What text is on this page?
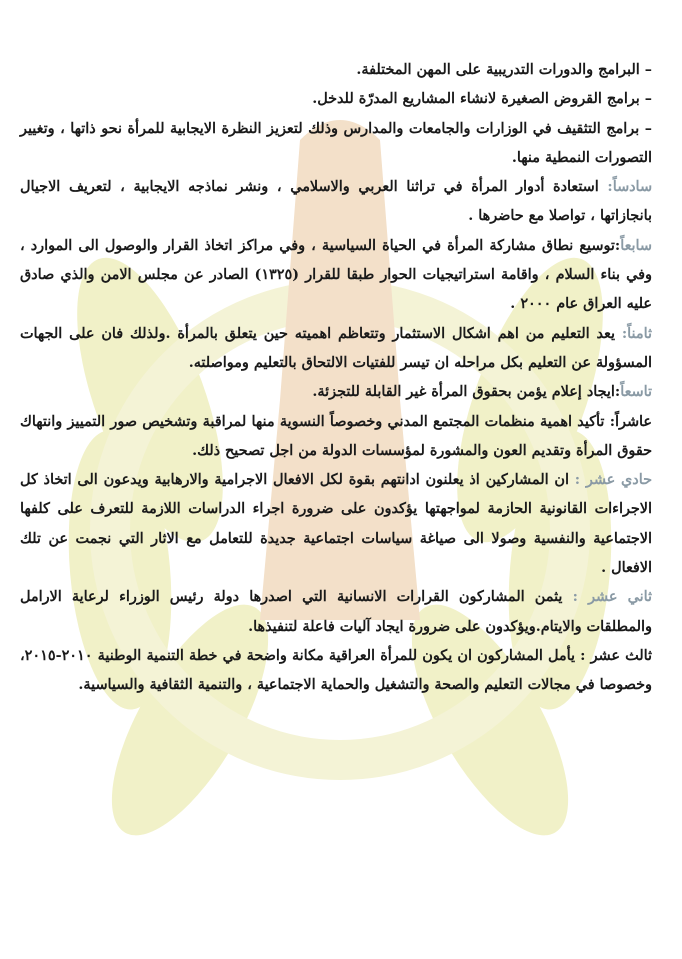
– البرامج والدورات التدريبية على المهن المختلفة.

– برامج القروض الصغيرة لانشاء المشاريع المدرّة للدخل.

– برامج التثقيف في الوزارات والجامعات والمدارس وذلك لتعزيز النظرة الايجابية للمرأة نحو ذاتها ، وتغيير التصورات النمطية منها.

سادساً: استعادة أدوار المرأة في تراثنا العربي والاسلامي ، ونشر نماذجه الايجابية ، لتعريف الاجيال بانجازاتها ، تواصلا مع حاضرها .

سابعاً:توسيع نطاق مشاركة المرأة في الحياة السياسية ، وفي مراكز اتخاذ القرار والوصول الى الموارد ، وفي بناء السلام ، واقامة استراتيجيات الحوار طبقا للقرار (١٣٢٥) الصادر عن مجلس الامن والذي صادق عليه العراق عام ٢٠٠٠ .

ثامناً: يعد التعليم من اهم اشكال الاستثمار وتتعاظم اهميته حين يتعلق بالمرأة .ولذلك فان على الجهات المسؤولة عن التعليم بكل مراحله ان تيسر للفتيات الالتحاق بالتعليم ومواصلته.

تاسعاً:ايجاد إعلام يؤمن بحقوق المرأة غير القابلة للتجزئة.

عاشراً: تأكيد اهمية منظمات المجتمع المدني وخصوصاً النسوية منها لمراقبة وتشخيص صور التمييز وانتهاك حقوق المرأة وتقديم العون والمشورة لمؤسسات الدولة من اجل تصحيح ذلك.

حادي عشر : ان المشاركين اذ يعلنون ادانتهم بقوة لكل الافعال الاجرامية والارهابية ويدعون الى اتخاذ كل الاجراءات القانونية الحازمة لمواجهتها يؤكدون على ضرورة اجراء الدراسات اللازمة للتعرف على كلفها الاجتماعية والنفسية وصولا الى صياغة سياسات اجتماعية جديدة للتعامل مع الاثار التي نجمت عن تلك الافعال .

ثاني عشر : يثمن المشاركون القرارات الانسانية التي اصدرها دولة رئيس الوزراء لرعاية الارامل والمطلقات والايتام.ويؤكدون على ضرورة ايجاد آليات فاعلة لتنفيذها.

ثالث عشر : يأمل المشاركون ان يكون للمرأة العراقية مكانة واضحة في خطة التنمية الوطنية ٢٠١٠-٢٠١٥، وخصوصا في مجالات التعليم والصحة والتشغيل والحماية الاجتماعية ، والتنمية الثقافية والسياسية.
